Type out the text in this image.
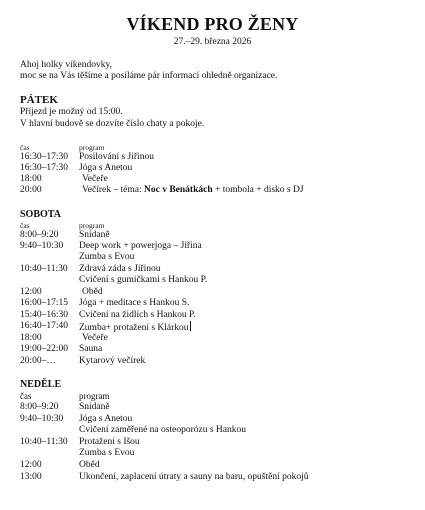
VÍKEND PRO ŽENY
27.–29. března 2026
Ahoj holky víkendovky,
moc se na Vás těšíme a posíláme pár informací ohledně organizace.
PÁTEK
Příjezd je možný od 15:00.
V hlavní budově se dozvíte číslo chaty a pokoje.
čas	program
16:30–17:30 Posilování s Jiřinou
16:30–17:30 Jóga s Anetou
18:00	Večeře
20:00	Večírek – téma: Noc v Benátkách + tombola + disko s DJ
SOBOTA
čas	program
8:00–9:20 Snídaně
9:40–10:30 Deep work + powerjoga – Jiřina
Zumba s Evou
10:40–11:30 Zdravá záda s Jiřinou
Cvičení s gumičkami s Hankou P.
12:00	Oběd
16:00–17:15 Jóga + meditace s Hankou S.
15:40–16:30 Cvičení na židlích s Hankou P.
16:40–17:40 Zumba+ protažení s Klárkou
18:00	Večeře
19:00–22:00 Sauna
20:00–… Kytarový večírek
NEDĚLE
čas	program
8:00–9:20 Snídaně
9:40–10:30 Jóga s Anetou
Cvičení zaměřené na osteoporózu s Hankou
10:40–11:30 Protažení s Išou
Zumba s Evou
12:00	Oběd
13:00	Ukončení, zaplacení útraty a sauny na baru, opuštění pokojů
